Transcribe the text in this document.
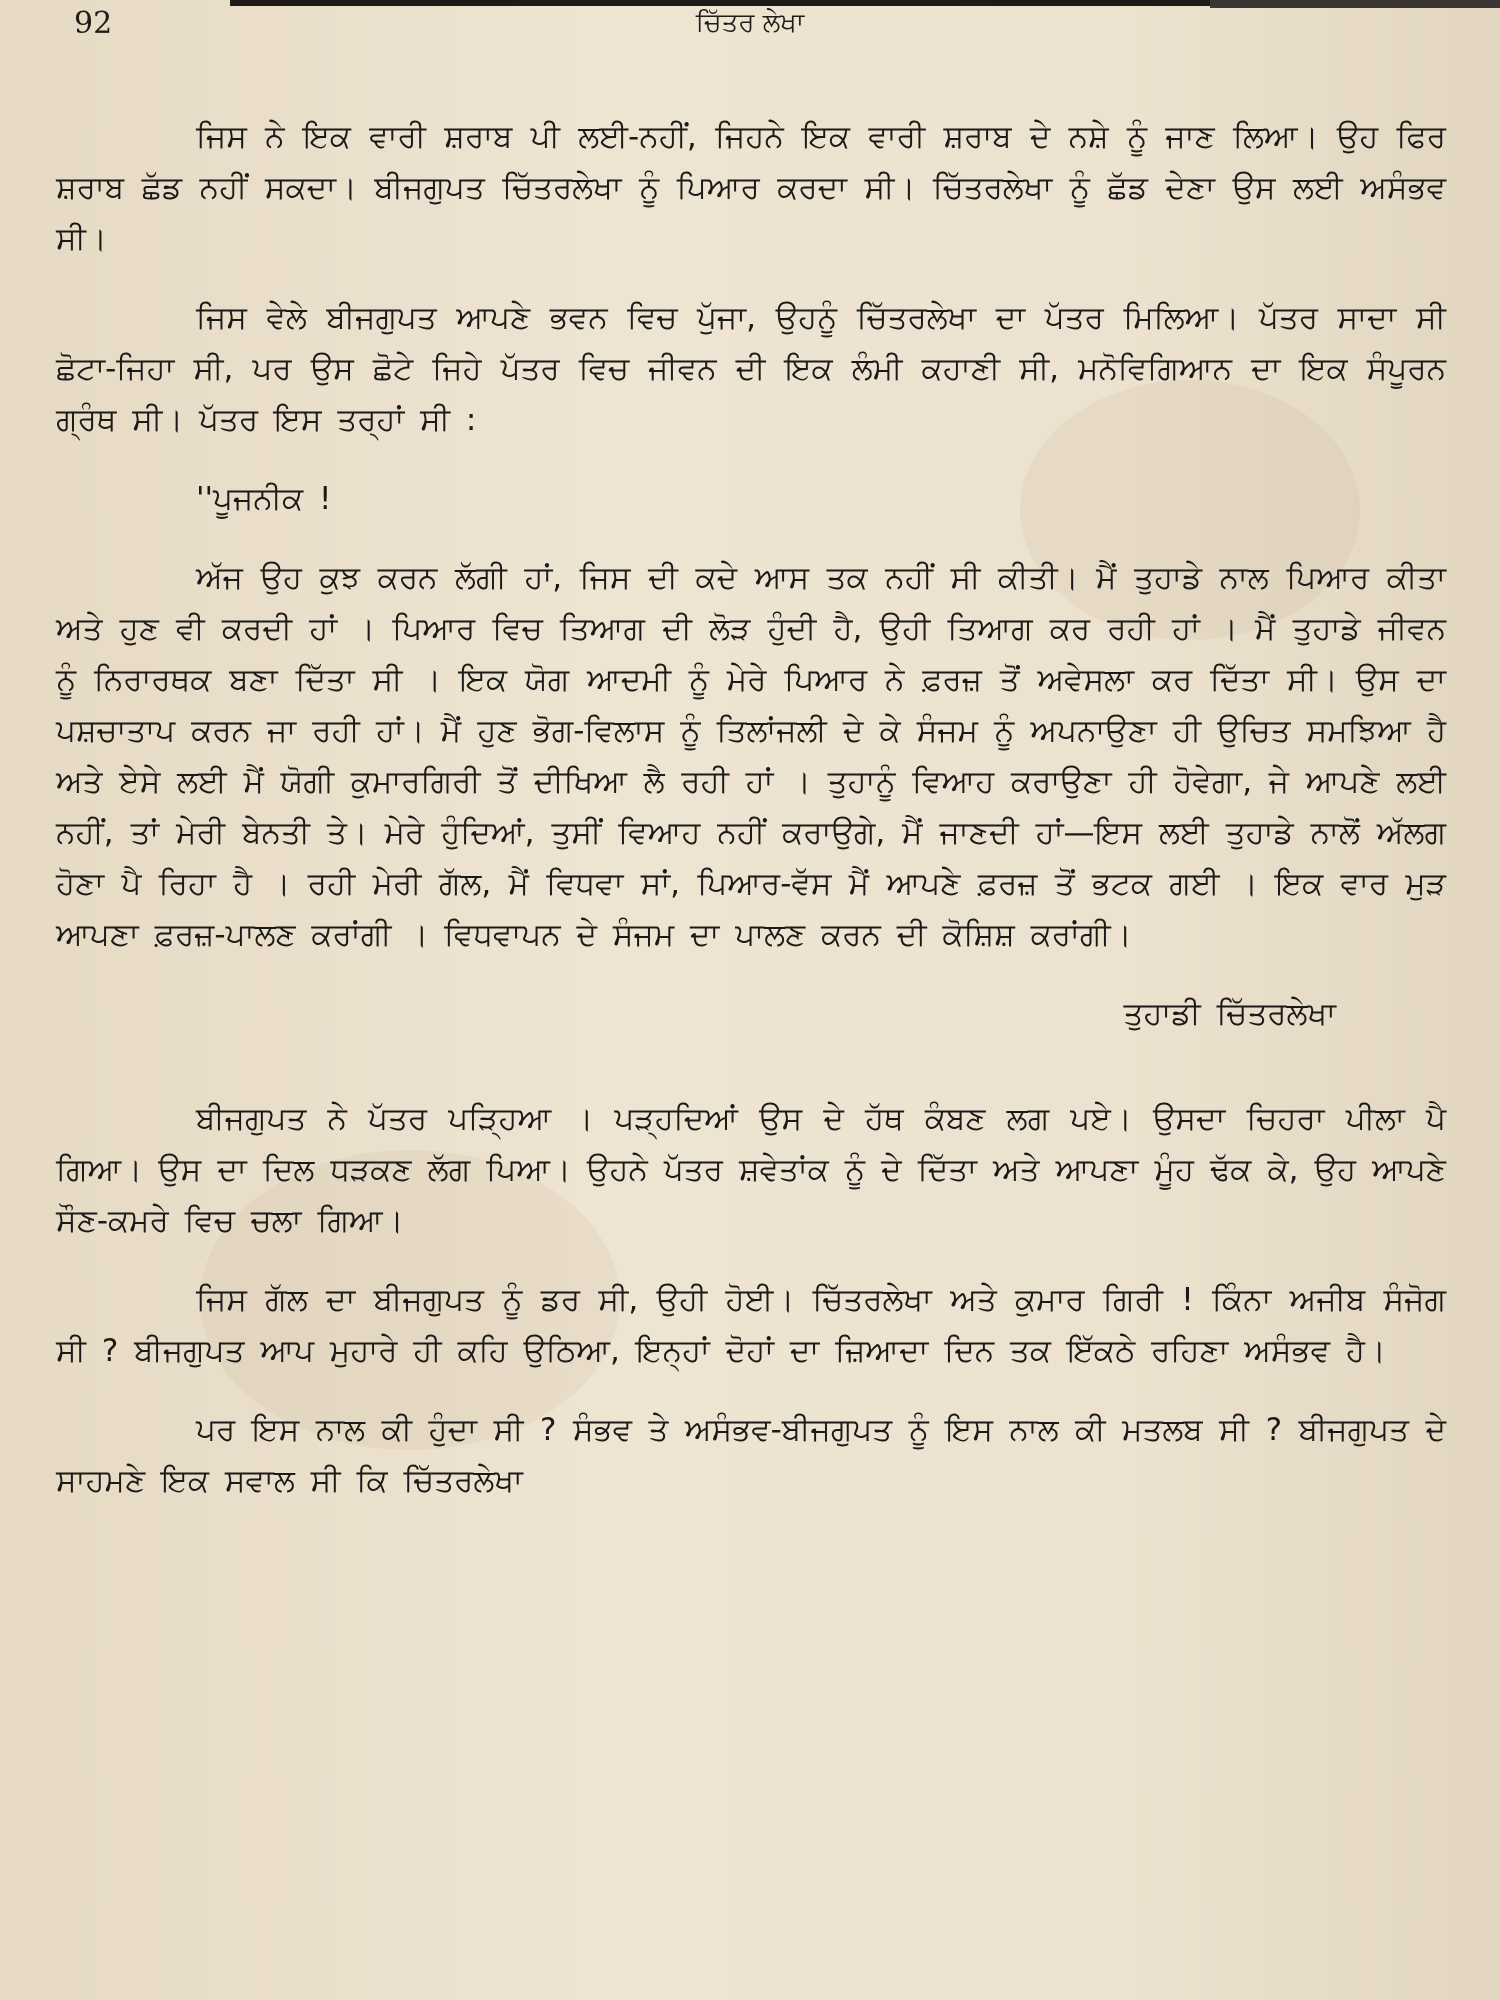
92	ਚਿੱਤਰ ਲੇਖਾ

ਜਿਸ ਨੇ ਇਕ ਵਾਰੀ ਸ਼ਰਾਬ ਪੀ ਲਈ-ਨਹੀਂ, ਜਿਹਨੇ ਇਕ ਵਾਰੀ ਸ਼ਰਾਬ ਦੇ ਨਸ਼ੇ ਨੂੰ ਜਾਣ ਲਿਆ। ਉਹ ਫਿਰ ਸ਼ਰਾਬ ਛੱਡ ਨਹੀਂ ਸਕਦਾ। ਬੀਜਗੁਪਤ ਚਿੱਤਰਲੇਖਾ ਨੂੰ ਪਿਆਰ ਕਰਦਾ ਸੀ। ਚਿੱਤਰਲੇਖਾ ਨੂੰ ਛੱਡ ਦੇਣਾ ਉਸ ਲਈ ਅਸੰਭਵ ਸੀ।

ਜਿਸ ਵੇਲੇ ਬੀਜਗੁਪਤ ਆਪਣੇ ਭਵਨ ਵਿਚ ਪੁੱਜਾ, ਉਹਨੂੰ ਚਿੱਤਰਲੇਖਾ ਦਾ ਪੱਤਰ ਮਿਲਿਆ। ਪੱਤਰ ਸਾਦਾ ਸੀ ਛੋਟਾ-ਜਿਹਾ ਸੀ, ਪਰ ਉਸ ਛੋਟੇ ਜਿਹੇ ਪੱਤਰ ਵਿਚ ਜੀਵਨ ਦੀ ਇਕ ਲੰਮੀ ਕਹਾਣੀ ਸੀ, ਮਨੋਵਿਗਿਆਨ ਦਾ ਇਕ ਸੰਪੂਰਨ ਗ੍ਰੰਥ ਸੀ। ਪੱਤਰ ਇਸ ਤਰ੍ਹਾਂ ਸੀ :

''ਪੂਜਨੀਕ !

ਅੱਜ ਉਹ ਕੁਝ ਕਰਨ ਲੱਗੀ ਹਾਂ, ਜਿਸ ਦੀ ਕਦੇ ਆਸ ਤਕ ਨਹੀਂ ਸੀ ਕੀਤੀ। ਮੈਂ ਤੁਹਾਡੇ ਨਾਲ ਪਿਆਰ ਕੀਤਾ ਅਤੇ ਹੁਣ ਵੀ ਕਰਦੀ ਹਾਂ । ਪਿਆਰ ਵਿਚ ਤਿਆਗ ਦੀ ਲੋੜ ਹੁੰਦੀ ਹੈ, ਉਹੀ ਤਿਆਗ ਕਰ ਰਹੀ ਹਾਂ । ਮੈਂ ਤੁਹਾਡੇ ਜੀਵਨ ਨੂੰ ਨਿਰਾਰਥਕ ਬਣਾ ਦਿੱਤਾ ਸੀ । ਇਕ ਯੋਗ ਆਦਮੀ ਨੂੰ ਮੇਰੇ ਪਿਆਰ ਨੇ ਫ਼ਰਜ਼ ਤੋਂ ਅਵੇਸਲਾ ਕਰ ਦਿੱਤਾ ਸੀ। ਉਸ ਦਾ ਪਸ਼ਚਾਤਾਪ ਕਰਨ ਜਾ ਰਹੀ ਹਾਂ। ਮੈਂ ਹੁਣ ਭੋਗ-ਵਿਲਾਸ ਨੂੰ ਤਿਲਾਂਜਲੀ ਦੇ ਕੇ ਸੰਜਮ ਨੂੰ ਅਪਨਾਉਣਾ ਹੀ ਉਚਿਤ ਸਮਝਿਆ ਹੈ ਅਤੇ ਏਸੇ ਲਈ ਮੈਂ ਯੋਗੀ ਕੁਮਾਰਗਿਰੀ ਤੋਂ ਦੀਖਿਆ ਲੈ ਰਹੀ ਹਾਂ । ਤੁਹਾਨੂੰ ਵਿਆਹ ਕਰਾਉਣਾ ਹੀ ਹੋਵੇਗਾ, ਜੇ ਆਪਣੇ ਲਈ ਨਹੀਂ, ਤਾਂ ਮੇਰੀ ਬੇਨਤੀ ਤੇ। ਮੇਰੇ ਹੁੰਦਿਆਂ, ਤੁਸੀਂ ਵਿਆਹ ਨਹੀਂ ਕਰਾਉਗੇ, ਮੈਂ ਜਾਣਦੀ ਹਾਂ—ਇਸ ਲਈ ਤੁਹਾਡੇ ਨਾਲੋਂ ਅੱਲਗ ਹੋਣਾ ਪੈ ਰਿਹਾ ਹੈ । ਰਹੀ ਮੇਰੀ ਗੱਲ, ਮੈਂ ਵਿਧਵਾ ਸਾਂ, ਪਿਆਰ-ਵੱਸ ਮੈਂ ਆਪਣੇ ਫ਼ਰਜ਼ ਤੋਂ ਭਟਕ ਗਈ । ਇਕ ਵਾਰ ਮੁੜ ਆਪਣਾ ਫ਼ਰਜ਼-ਪਾਲਣ ਕਰਾਂਗੀ । ਵਿਧਵਾਪਨ ਦੇ ਸੰਜਮ ਦਾ ਪਾਲਣ ਕਰਨ ਦੀ ਕੋਸ਼ਿਸ਼ ਕਰਾਂਗੀ।

ਤੁਹਾਡੀ ਚਿੱਤਰਲੇਖਾ

ਬੀਜਗੁਪਤ ਨੇ ਪੱਤਰ ਪੜ੍ਹਿਆ । ਪੜ੍ਹਦਿਆਂ ਉਸ ਦੇ ਹੱਥ ਕੰਬਣ ਲਗ ਪਏ। ਉਸਦਾ ਚਿਹਰਾ ਪੀਲਾ ਪੈ ਗਿਆ। ਉਸ ਦਾ ਦਿਲ ਧੜਕਣ ਲੱਗ ਪਿਆ। ਉਹਨੇ ਪੱਤਰ ਸ਼ਵੇਤਾਂਕ ਨੂੰ ਦੇ ਦਿੱਤਾ ਅਤੇ ਆਪਣਾ ਮੂੰਹ ਢੱਕ ਕੇ, ਉਹ ਆਪਣੇ ਸੌਣ-ਕਮਰੇ ਵਿਚ ਚਲਾ ਗਿਆ।

ਜਿਸ ਗੱਲ ਦਾ ਬੀਜਗੁਪਤ ਨੂੰ ਡਰ ਸੀ, ਉਹੀ ਹੋਈ। ਚਿੱਤਰਲੇਖਾ ਅਤੇ ਕੁਮਾਰ ਗਿਰੀ ! ਕਿੰਨਾ ਅਜੀਬ ਸੰਜੋਗ ਸੀ ? ਬੀਜਗੁਪਤ ਆਪ ਮੁਹਾਰੇ ਹੀ ਕਹਿ ਉਠਿਆ, ਇਨ੍ਹਾਂ ਦੋਹਾਂ ਦਾ ਜ਼ਿਆਦਾ ਦਿਨ ਤਕ ਇੱਕਠੇ ਰਹਿਣਾ ਅਸੰਭਵ ਹੈ।

ਪਰ ਇਸ ਨਾਲ ਕੀ ਹੁੰਦਾ ਸੀ ? ਸੰਭਵ ਤੇ ਅਸੰਭਵ-ਬੀਜਗੁਪਤ ਨੂੰ ਇਸ ਨਾਲ ਕੀ ਮਤਲਬ ਸੀ ? ਬੀਜਗੁਪਤ ਦੇ ਸਾਹਮਣੇ ਇਕ ਸਵਾਲ ਸੀ ਕਿ ਚਿੱਤਰਲੇਖਾ
